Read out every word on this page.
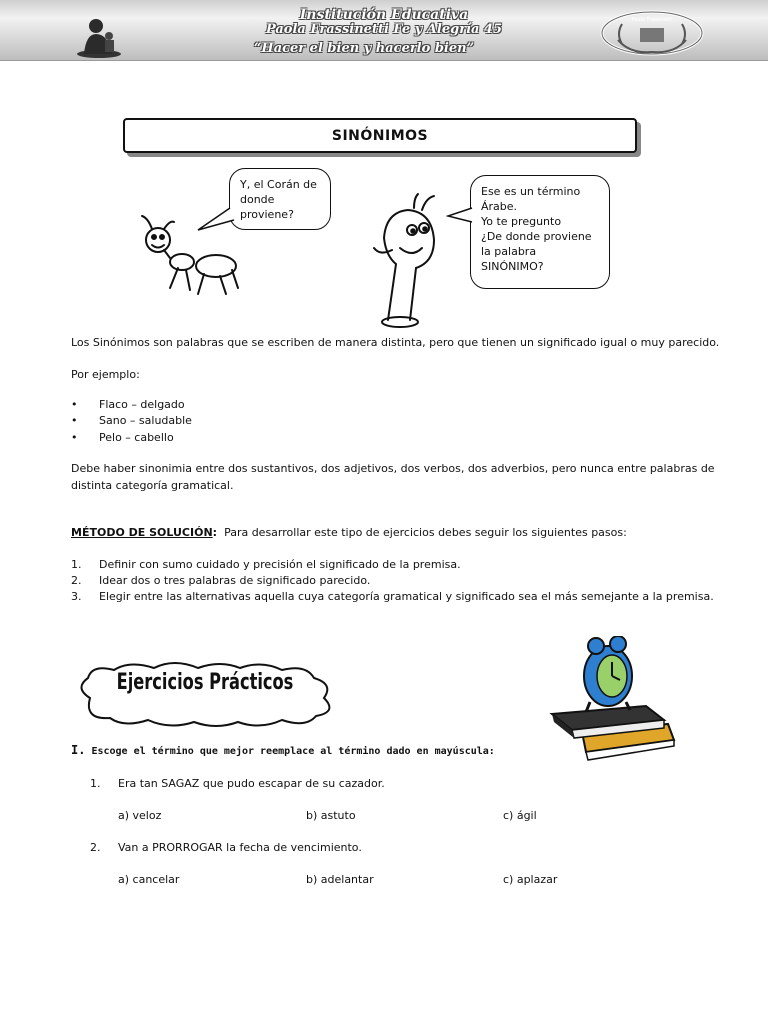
Institución Educativa
Paola Frassinetti Fe y Alegría 45
“Hacer el bien y hacerlo bien”
Paola Frassinetti
SINÓNIMOS
Y, el Corán de
donde
proviene?
Ese es un término
Árabe.
Yo te pregunto
¿De donde proviene
la palabra
SINÓNIMO?
Los Sinónimos son palabras que se escriben de manera distinta, pero que tienen un significado igual o muy parecido.
Por ejemplo:
•	Flaco – delgado
•	Sano – saludable
•	Pelo – cabello
Debe haber sinonimia entre dos sustantivos, dos adjetivos, dos verbos, dos adverbios, pero nunca entre palabras de
distinta categoría gramatical.
MÉTODO DE SOLUCIÓN: Para desarrollar este tipo de ejercicios debes seguir los siguientes pasos:
1.	Definir con sumo cuidado y precisión el significado de la premisa.
2.	Idear dos o tres palabras de significado parecido.
3.	Elegir entre las alternativas aquella cuya categoría gramatical y significado sea el más semejante a la premisa.
Ejercicios Prácticos
I. Escoge el término que mejor reemplace al término dado en mayúscula:
1. Era tan SAGAZ que pudo escapar de su cazador.
a) veloz	b) astuto	c) ágil
2. Van a PRORROGAR la fecha de vencimiento.
a) cancelar	b) adelantar	c) aplazar
